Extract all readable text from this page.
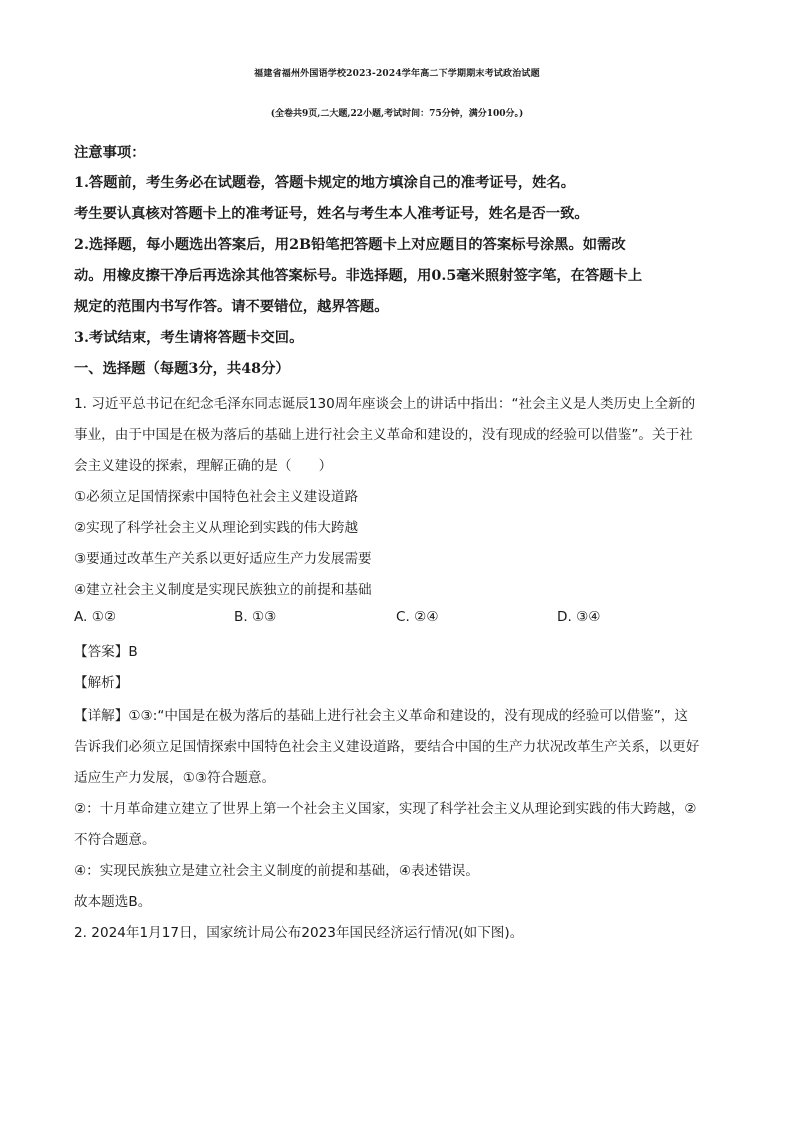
福建省福州外国语学校2023-2024学年高二下学期期末考试政治试题
(全卷共9页,二大题,22小题,考试时间：75分钟，满分100分。)
注意事项：
1.答题前，考生务必在试题卷，答题卡规定的地方填涂自己的准考证号，姓名。
考生要认真核对答题卡上的准考证号，姓名与考生本人准考证号，姓名是否一致。
2.选择题，每小题选出答案后，用2B铅笔把答题卡上对应题目的答案标号涂黑。如需改
动。用橡皮擦干净后再选涂其他答案标号。非选择题，用0.5毫米照射签字笔，在答题卡上
规定的范围内书写作答。请不要错位，越界答题。
3.考试结束，考生请将答题卡交回。
一、选择题（每题3分，共48分）
1. 习近平总书记在纪念毛泽东同志诞辰130周年座谈会上的讲话中指出：“社会主义是人类历史上全新的
事业，由于中国是在极为落后的基础上进行社会主义革命和建设的，没有现成的经验可以借鉴”。关于社
会主义建设的探索，理解正确的是（　　）
①必须立足国情探索中国特色社会主义建设道路
②实现了科学社会主义从理论到实践的伟大跨越
③要通过改革生产关系以更好适应生产力发展需要
④建立社会主义制度是实现民族独立的前提和基础
A. ①②	B. ①③	C. ②④	D. ③④
【答案】B
【解析】
【详解】①③:“中国是在极为落后的基础上进行社会主义革命和建设的，没有现成的经验可以借鉴”，这
告诉我们必须立足国情探索中国特色社会主义建设道路，要结合中国的生产力状况改革生产关系，以更好
适应生产力发展，①③符合题意。
②：十月革命建立建立了世界上第一个社会主义国家，实现了科学社会主义从理论到实践的伟大跨越，②
不符合题意。
④：实现民族独立是建立社会主义制度的前提和基础，④表述错误。
故本题选B。
2. 2024年1月17日，国家统计局公布2023年国民经济运行情况(如下图)。
